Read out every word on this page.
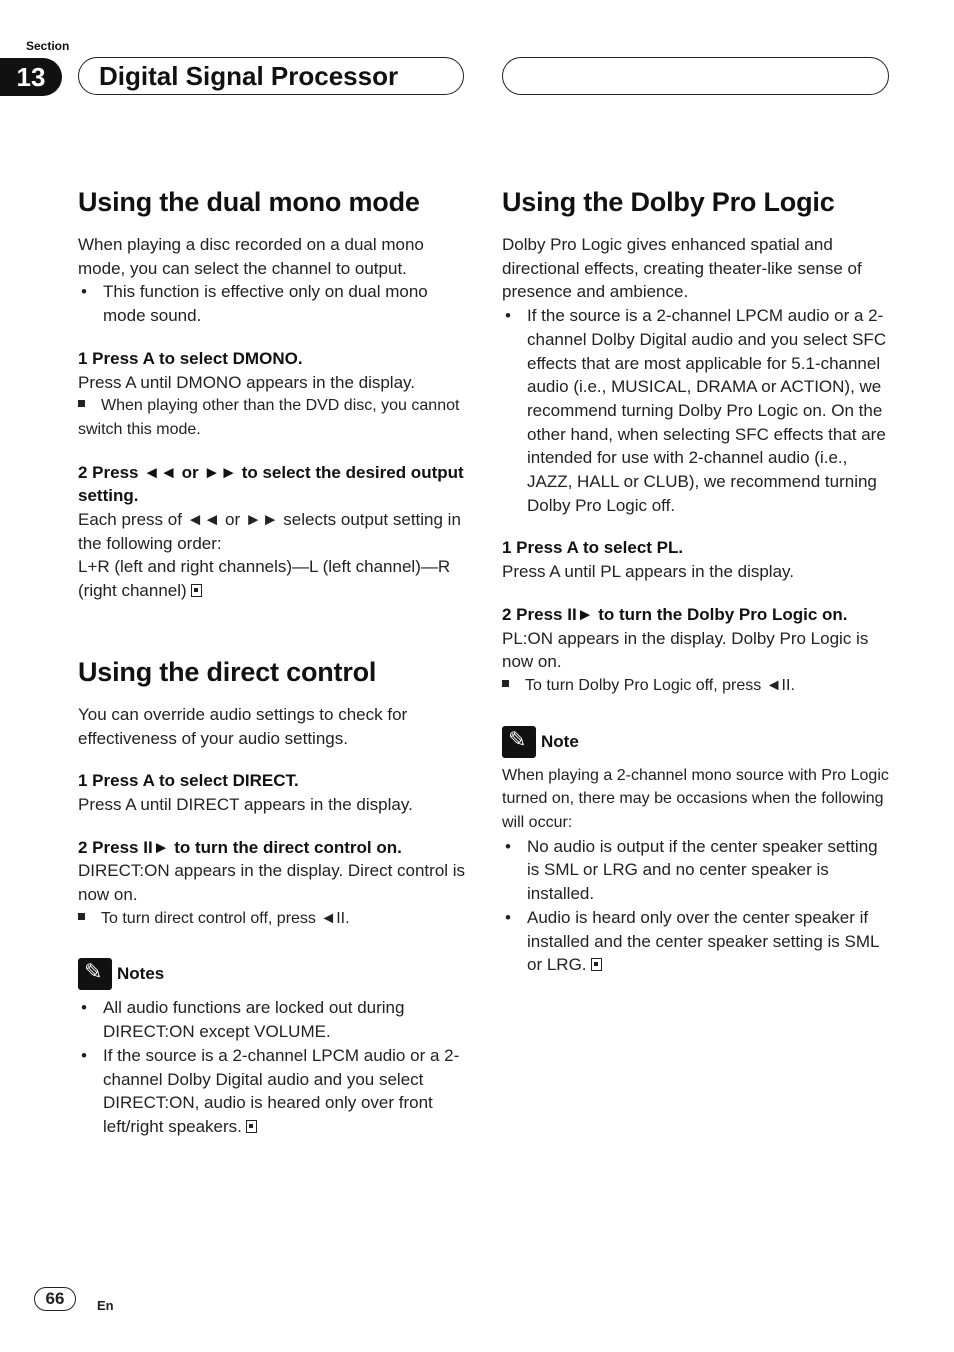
Section
13	Digital Signal Processor
Using the dual mono mode

When playing a disc recorded on a dual mono mode, you can select the channel to output.

• This function is effective only on dual mono mode sound.
1 Press A to select DMONO.

Press A until DMONO appears in the display.

When playing other than the DVD disc, you cannot switch this mode.

2 Press ◄◄ or ►► to select the desired output setting.

Each press of ◄◄ or ►► selects output setting in the following order:

L+R (left and right channels)—L (left channel)—R (right channel)

Using the direct control

You can override audio settings to check for effectiveness of your audio settings.

1 Press A to select DIRECT.

Press A until DIRECT appears in the display.

2 Press II► to turn the direct control on.

DIRECT:ON appears in the display. Direct control is now on.

To turn direct control off, press ◄II.

✎
Notes
• All audio functions are locked out during DIRECT:ON except VOLUME.
• If the source is a 2-channel LPCM audio or a 2-channel Dolby Digital audio and you select DIRECT:ON, audio is heared only over front left/right speakers.
Using the Dolby Pro Logic

Dolby Pro Logic gives enhanced spatial and directional effects, creating theater-like sense of presence and ambience.

• If the source is a 2-channel LPCM audio or a 2-channel Dolby Digital audio and you select SFC effects that are most applicable for 5.1-channel audio (i.e., MUSICAL, DRAMA or ACTION), we recommend turning Dolby Pro Logic on. On the other hand, when selecting SFC effects that are intended for use with 2-channel audio (i.e., JAZZ, HALL or CLUB), we recommend turning Dolby Pro Logic off.
1 Press A to select PL.

Press A until PL appears in the display.

2 Press II► to turn the Dolby Pro Logic on.

PL:ON appears in the display. Dolby Pro Logic is now on.

To turn Dolby Pro Logic off, press ◄II.

✎
Note

When playing a 2-channel mono source with Pro Logic turned on, there may be occasions when the following will occur:

• No audio is output if the center speaker setting is SML or LRG and no center speaker is installed.
• Audio is heard only over the center speaker if installed and the center speaker setting is SML or LRG.
66	En
